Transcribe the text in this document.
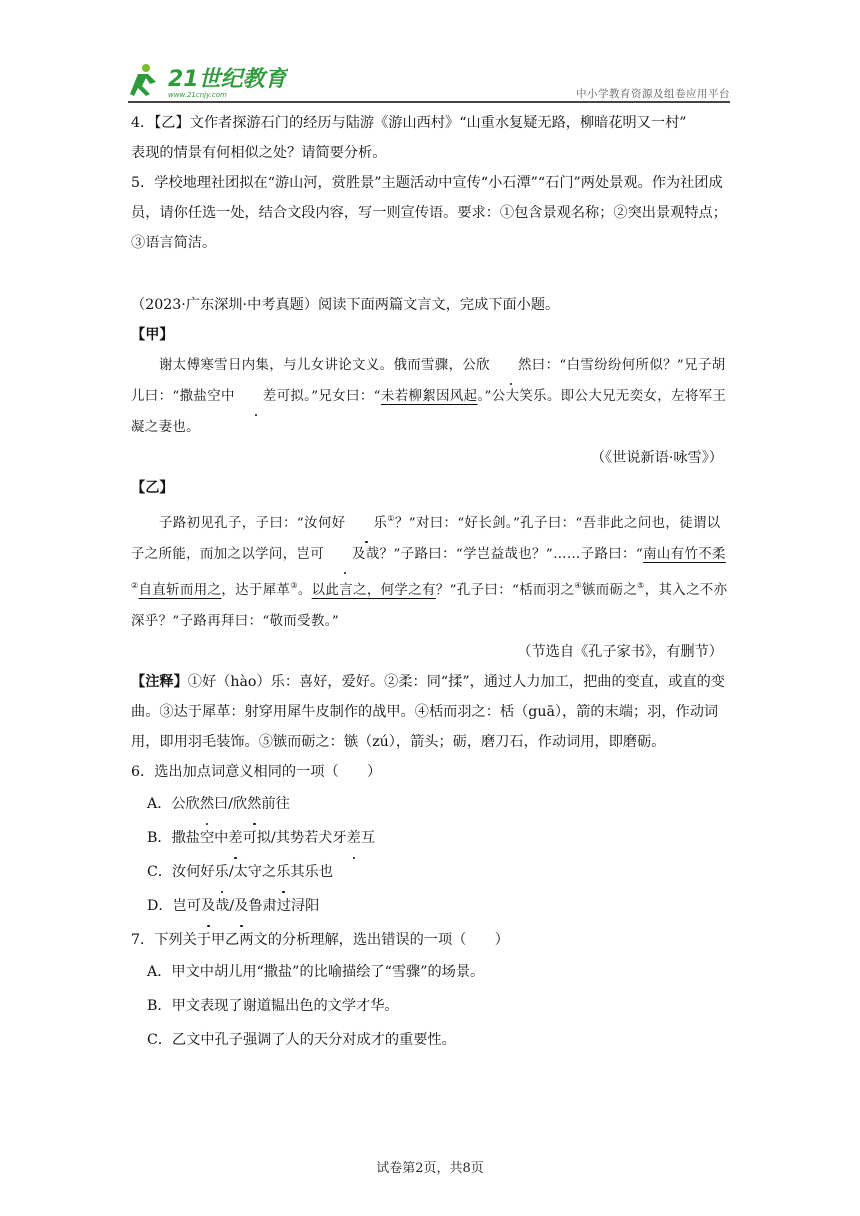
21世纪教育
www.21cnjy.com	中小学教育资源及组卷应用平台

4．【乙】文作者探游石门的经历与陆游《游山西村》“山重水复疑无路，柳暗花明又一村”

表现的情景有何相似之处？请简要分析。

5．学校地理社团拟在“游山河，赏胜景”主题活动中宣传“小石潭”“石门”两处景观。作为社团成员，请你任选一处，结合文段内容，写一则宣传语。要求：①包含景观名称；②突出景观特点；③语言简洁。

（2023·广东深圳·中考真题）阅读下面两篇文言文，完成下面小题。

【甲】

谢太傅寒雪日内集，与儿女讲论文义。俄而雪骤，公欣 然曰：“白雪纷纷何所似？”兄子胡儿曰：“撒盐空中 差可拟。”兄女曰：“未若柳絮因风起。”公大笑乐。即公大兄无奕女，左将军王凝之妻也。

（《世说新语·咏雪》）

【乙】

子路初见孔子，子曰：“汝何好 乐①？”对曰：“好长剑。”孔子曰：“吾非此之问也，徒谓以子之所能，而加之以学问，岂可 及哉？”子路曰：“学岂益哉也？”……子路曰：“南山有竹不柔②自直斩而用之，达于犀革③。以此言之，何学之有？”孔子曰：“栝而羽之④镞而砺之⑤，其入之不亦深乎？”子路再拜曰：“敬而受教。”

（节选自《孔子家书》，有删节）

【注释】①好（hào）乐：喜好，爱好。②柔：同“揉”，通过人力加工，把曲的变直，或直的变曲。③达于犀革：射穿用犀牛皮制作的战甲。④栝而羽之：栝（guā），箭的末端；羽，作动词用，即用羽毛装饰。⑤镞而砺之：镞（zú），箭头；砺，磨刀石，作动词用，即磨砺。

6．选出加点词意义相同的一项（　　）

A．公欣然曰/欣然前往

B．撒盐空中差可拟/其势若犬牙差互

C．汝何好乐/太守之乐其乐也

D．岂可及哉/及鲁肃过浔阳

7．下列关于甲乙两文的分析理解，选出错误的一项（　　）

A．甲文中胡儿用“撒盐”的比喻描绘了“雪骤”的场景。

B．甲文表现了谢道韫出色的文学才华。

C．乙文中孔子强调了人的天分对成才的重要性。

试卷第2页，共8页
